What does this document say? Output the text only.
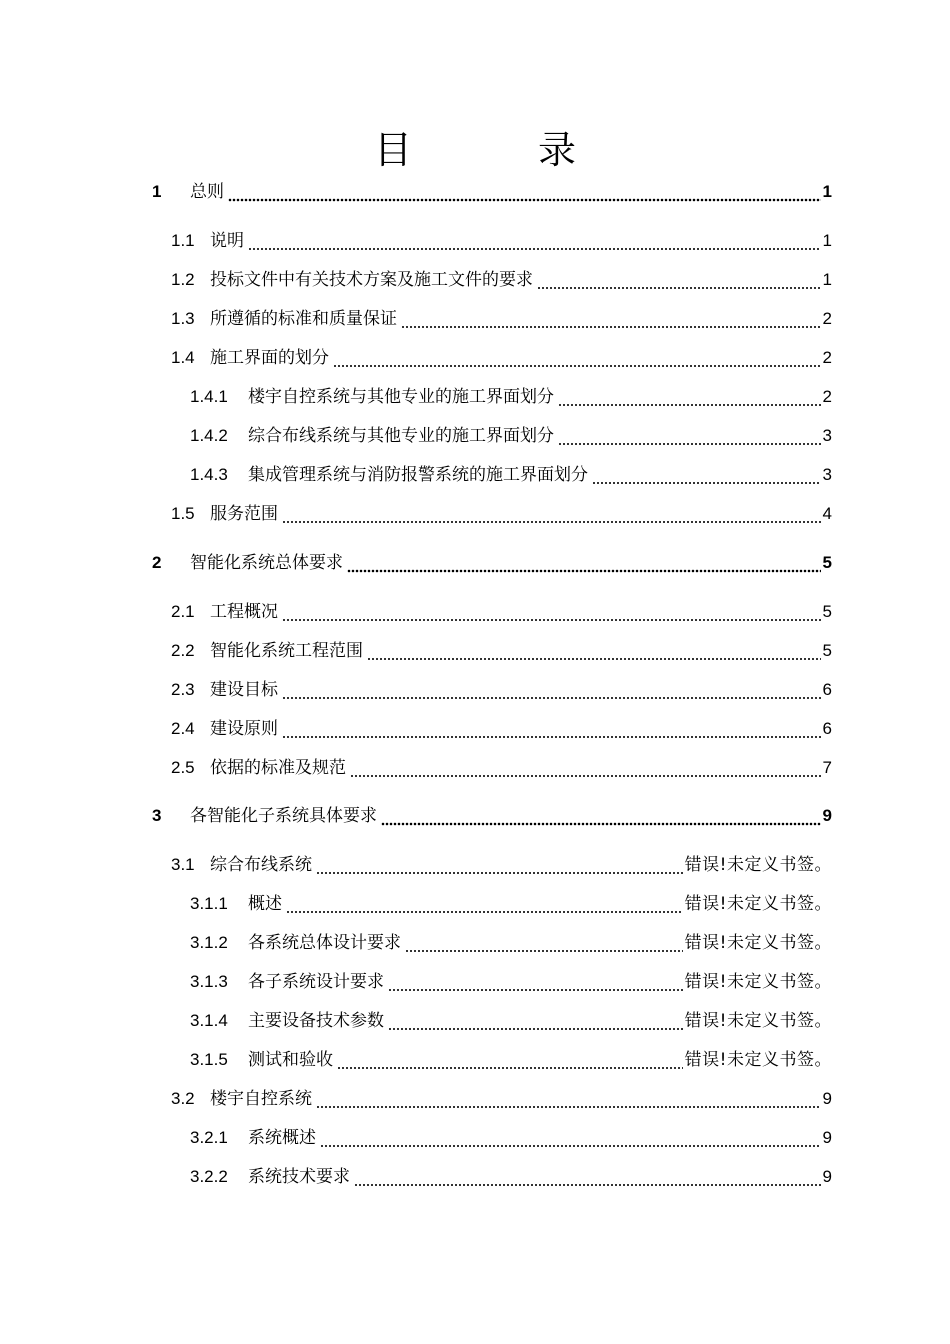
目　录
1	总则	1
1.1 说明	1
1.2 投标文件中有关技术方案及施工文件的要求	1
1.3 所遵循的标准和质量保证	2
1.4 施工界面的划分	2
1.4.1	楼宇自控系统与其他专业的施工界面划分	2
1.4.2	综合布线系统与其他专业的施工界面划分	3
1.4.3	集成管理系统与消防报警系统的施工界面划分	3
1.5 服务范围	4
2	智能化系统总体要求	5
2.1 工程概况	5
2.2 智能化系统工程范围	5
2.3 建设目标	6
2.4 建设原则	6
2.5 依据的标准及规范	7
3	各智能化子系统具体要求	9
3.1 综合布线系统	错误!未定义书签。
3.1.1	概述	错误!未定义书签。
3.1.2	各系统总体设计要求	错误!未定义书签。
3.1.3	各子系统设计要求	错误!未定义书签。
3.1.4	主要设备技术参数	错误!未定义书签。
3.1.5	测试和验收	错误!未定义书签。
3.2 楼宇自控系统	9
3.2.1	系统概述	9
3.2.2	系统技术要求	9
